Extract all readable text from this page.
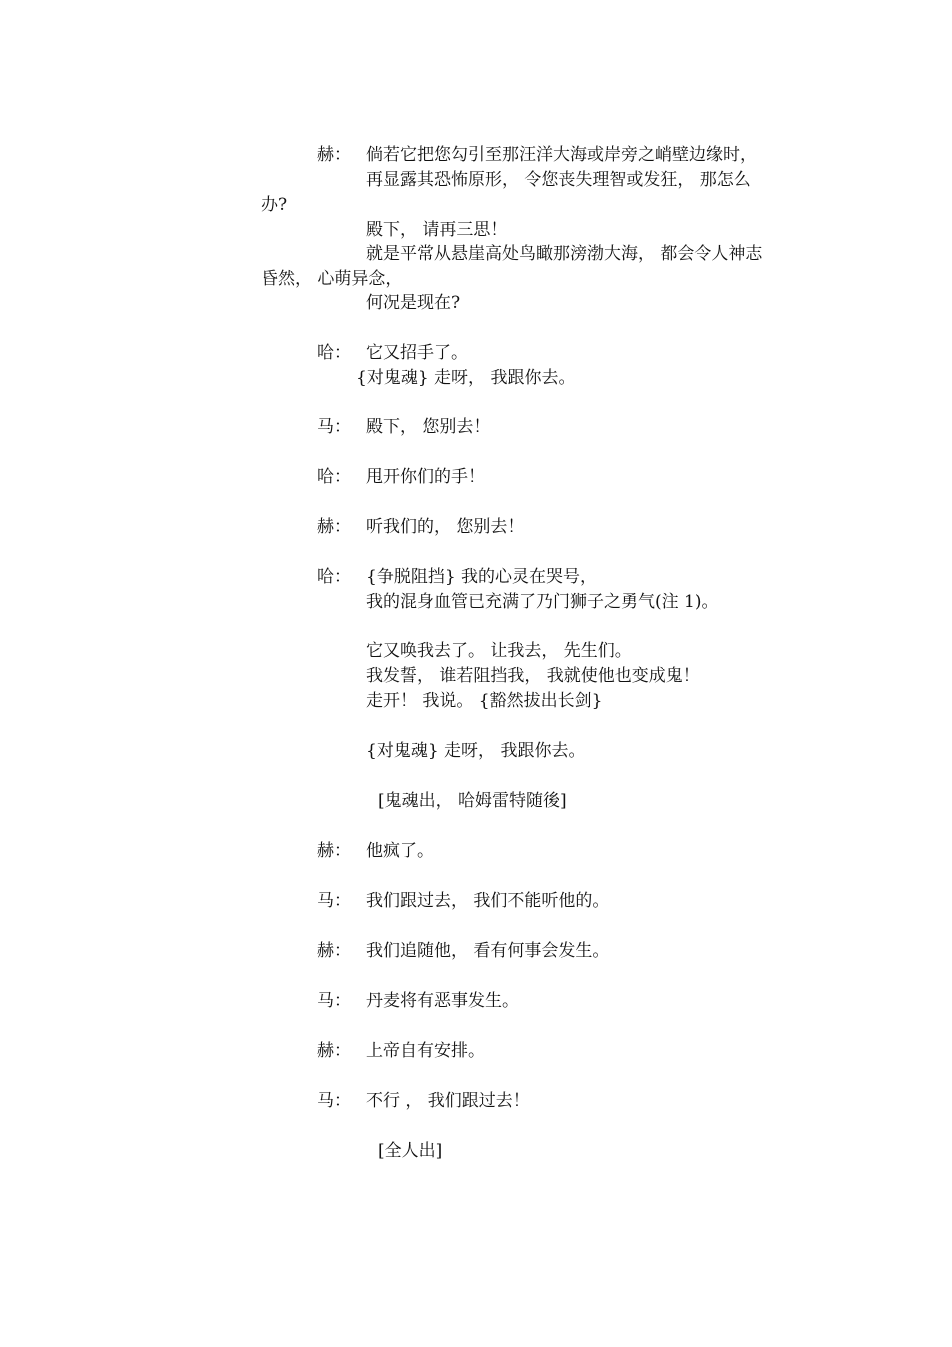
赫： 倘若它把您勾引至那汪洋大海或岸旁之峭壁边缘时，
再显露其恐怖原形， 令您丧失理智或发狂， 那怎么
办?
殿下， 请再三思！
就是平常从悬崖高处鸟瞰那滂渤大海， 都会令人神志
昏然， 心萌异念，
何况是现在?
哈： 它又招手了。
{对鬼魂} 走呀， 我跟你去。
马： 殿下， 您别去！
哈： 甩开你们的手！
赫： 听我们的， 您别去！
哈： {争脱阻挡} 我的心灵在哭号，
我的混身血管已充满了乃门狮子之勇气(注 1)。
它又唤我去了。 让我去， 先生们。
我发誓， 谁若阻挡我， 我就使他也变成鬼！
走开！ 我说。 {豁然拔出长剑}
{对鬼魂} 走呀， 我跟你去。
[鬼魂出， 哈姆雷特随後]
赫： 他疯了。
马： 我们跟过去， 我们不能听他的。
赫： 我们追随他， 看有何事会发生。
马： 丹麦将有恶事发生。
赫： 上帝自有安排。
马： 不行 ， 我们跟过去！
[全人出]
